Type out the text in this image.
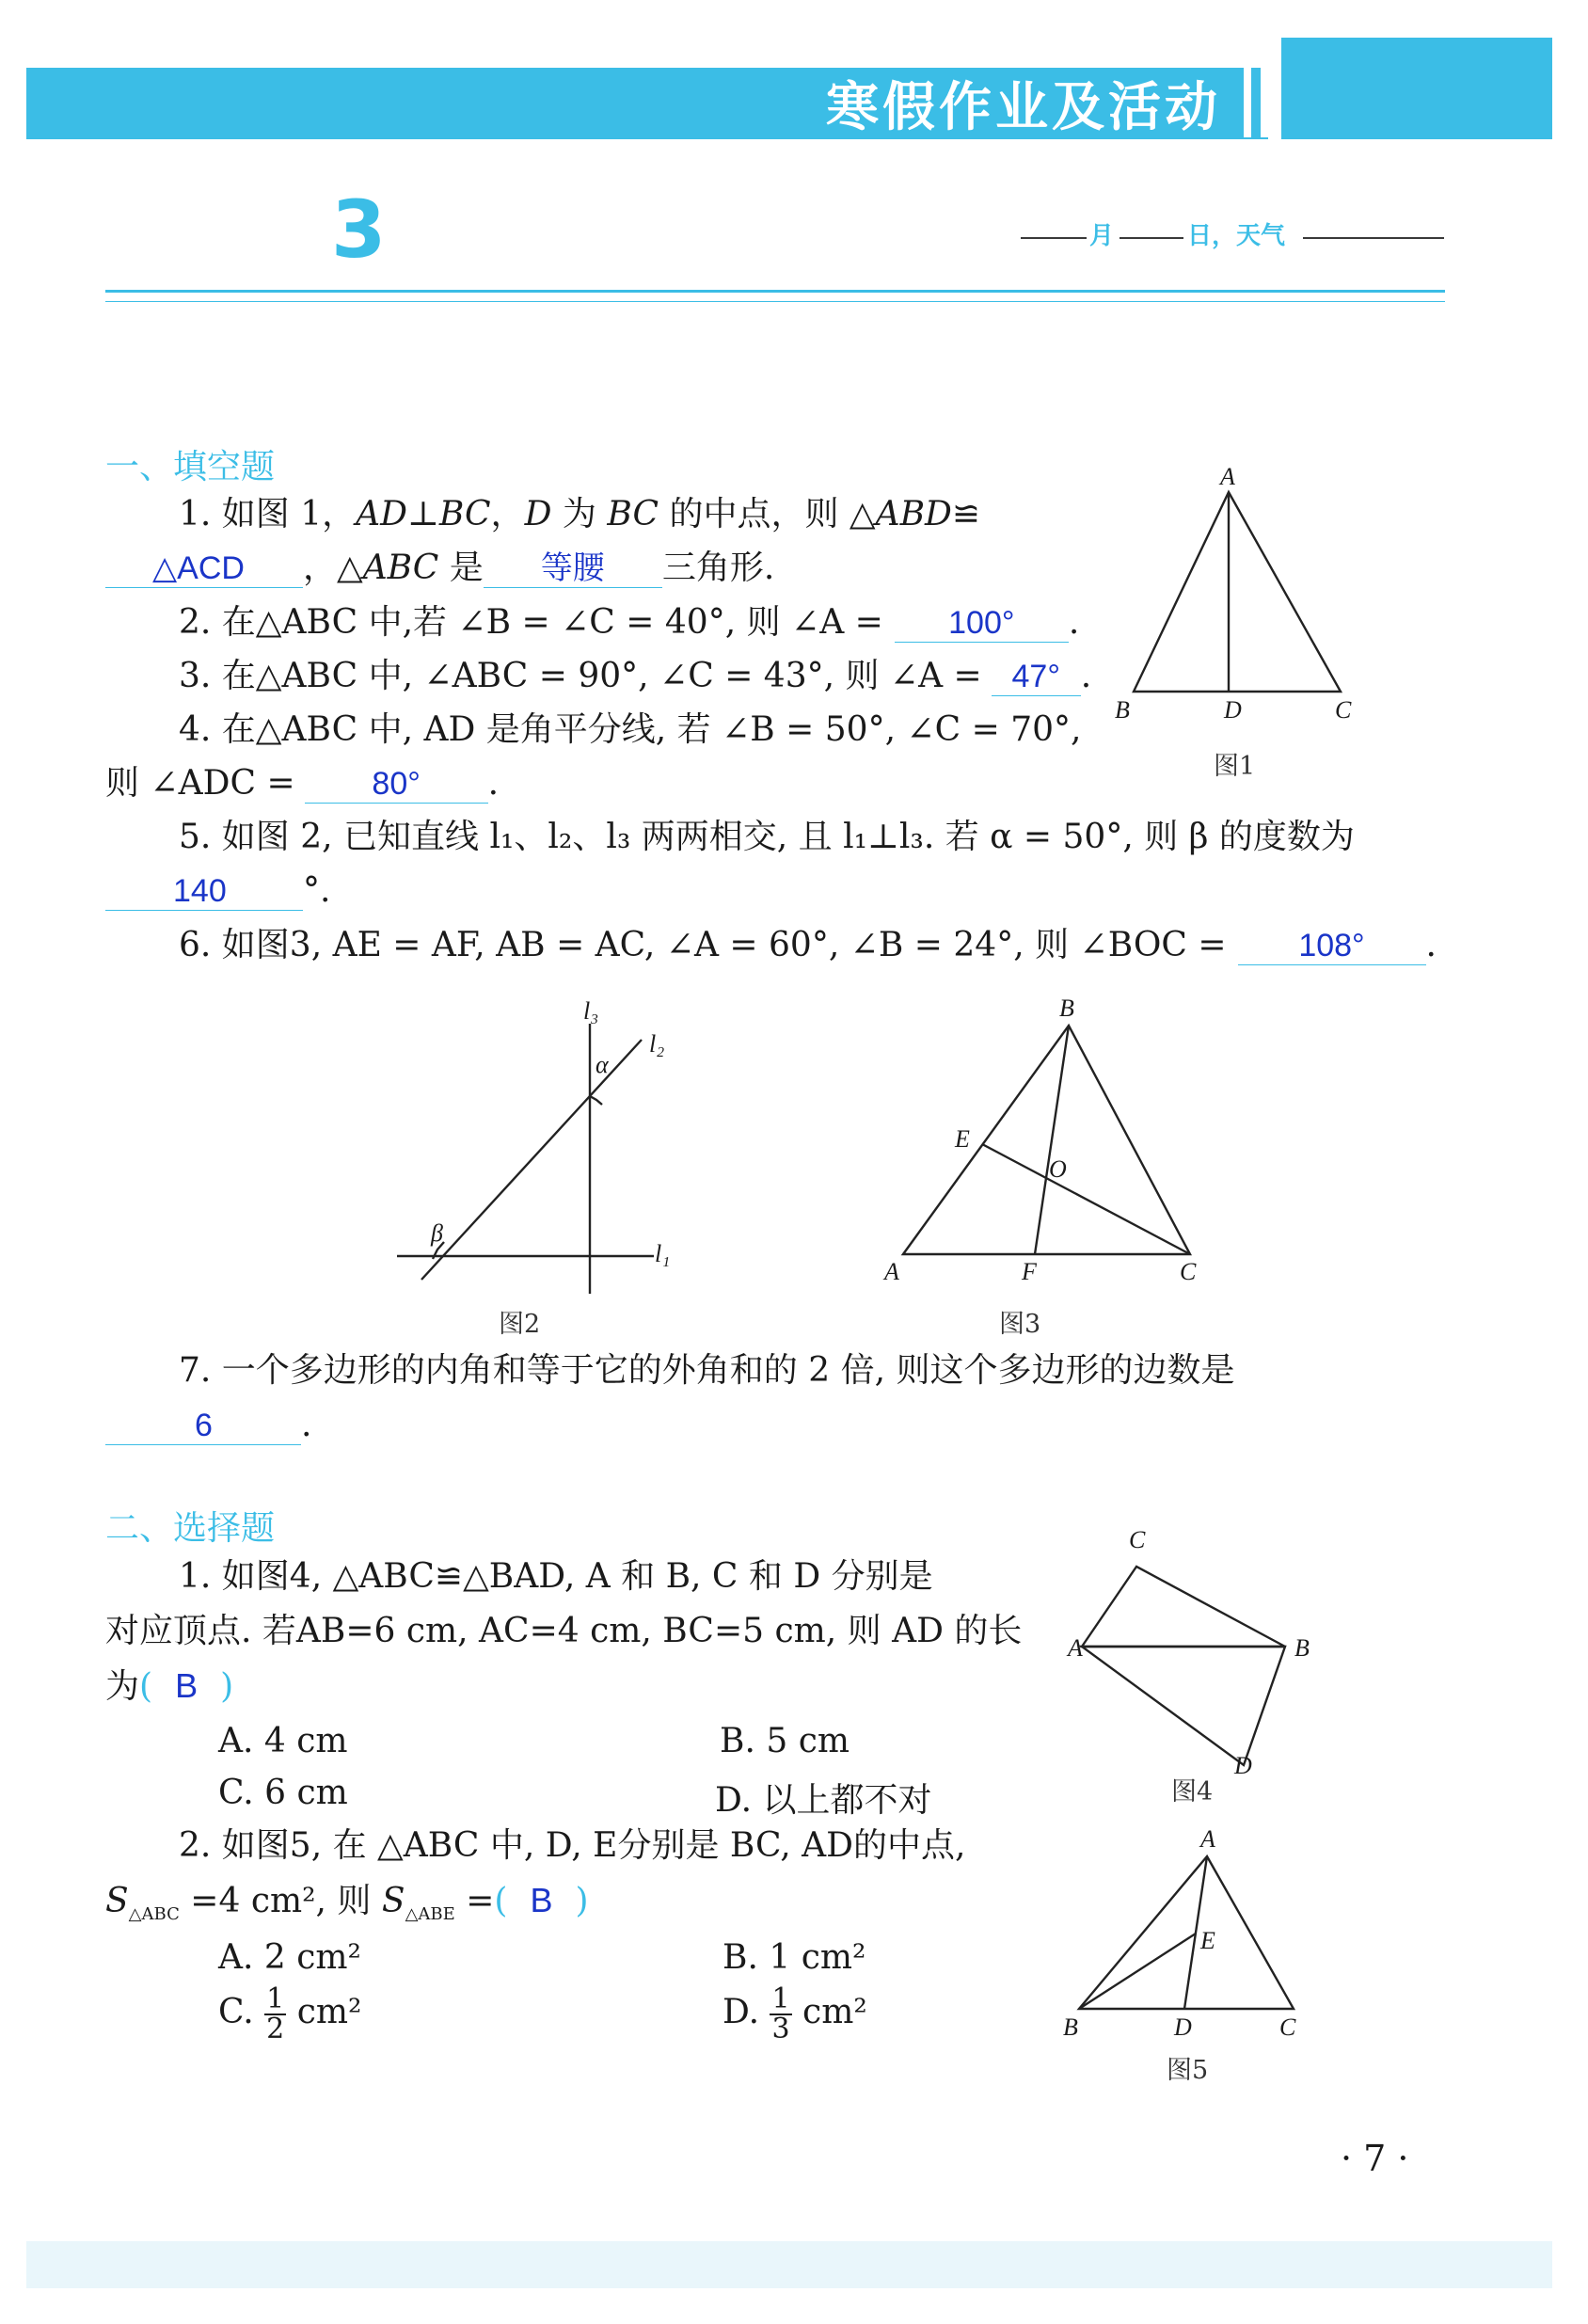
寒假作业及活动
3	月	日，天气
一、填空题
1. 如图 1，AD⊥BC，D 为 BC 的中点，则 △ABD≌
△ACD ，△ABC 是 等腰 三角形.
2. 在△ABC 中,若 ∠B = ∠C = 40°, 则 ∠A = 100° .
3. 在△ABC 中, ∠ABC = 90°, ∠C = 43°, 则 ∠A = 47° .
4. 在△ABC 中, AD 是角平分线, 若 ∠B = 50°, ∠C = 70°,
则 ∠ADC = 80° .
5. 如图 2, 已知直线 l₁、l₂、l₃ 两两相交, 且 l₁⊥l₃. 若 α = 50°, 则 β 的度数为
140 °.
6. 如图3, AE = AF, AB = AC, ∠A = 60°, ∠B = 24°, 则 ∠BOC = 108° .
7. 一个多边形的内角和等于它的外角和的 2 倍, 则这个多边形的边数是
6	.
A
B	D	C
图1
l₃
l₂
l₁
α
β
图2
B
E
O
A	F	C
图3
二、选择题
1. 如图4, △ABC≌△BAD, A 和 B, C 和 D 分别是
对应顶点. 若AB=6 cm, AC=4 cm, BC=5 cm, 则 AD 的长
为( B )
A. 4 cm	B. 5 cm
C. 6 cm	D. 以上都不对
2. 如图5, 在 △ABC 中, D, E分别是 BC, AD的中点,
$S_{\triangle ABC} =4$ cm², 则 $S_{\triangle ABE}$ =( B )
A. 2 cm²	B. 1 cm²
C. $\frac{1}{2} cm^2$	D. $\frac{1}{3} cm^2$
C
A	B
D
图4
A
E
B	D	C
图5
· 7 ·
